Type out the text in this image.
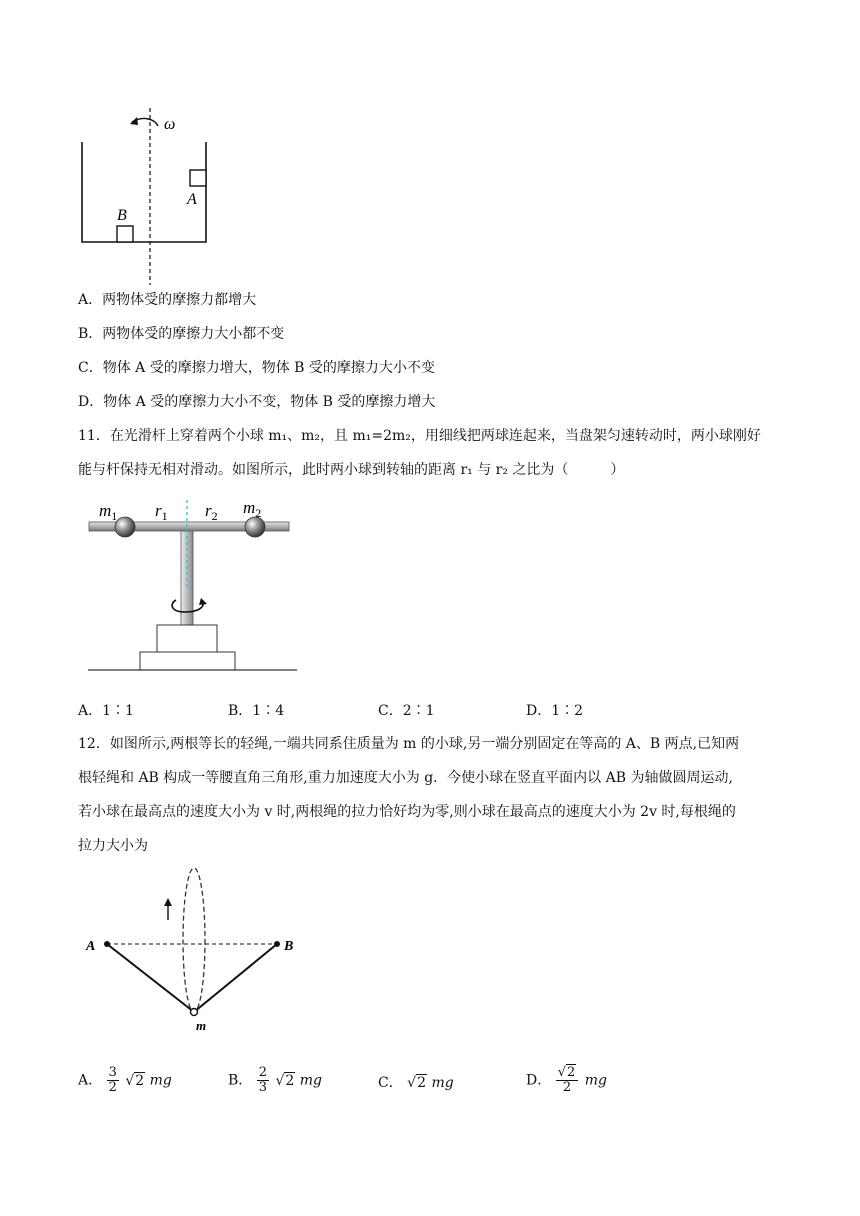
ω
A
B
A．两物体受的摩擦力都增大
B．两物体受的摩擦力大小都不变
C．物体 A 受的摩擦力增大，物体 B 受的摩擦力大小不变
D．物体 A 受的摩擦力大小不变，物体 B 受的摩擦力增大
11．在光滑杆上穿着两个小球 m₁、m₂，且 m₁=2m₂，用细线把两球连起来，当盘架匀速转动时，两小球刚好
能与杆保持无相对滑动。如图所示，此时两小球到转轴的距离 r₁ 与 r₂ 之比为（　　　）
$m_1$ $r_1$ $r_2$ $m_2$
A．1∶1	B．1∶4	C．2∶1	D．1∶2
12．如图所示,两根等长的轻绳,一端共同系住质量为 m 的小球,另一端分别固定在等高的 A、B 两点,已知两
根轻绳和 AB 构成一等腰直角三角形,重力加速度大小为 g．今使小球在竖直平面内以 AB 为轴做圆周运动,
若小球在最高点的速度大小为 v 时,两根绳的拉力恰好均为零,则小球在最高点的速度大小为 2v 时,每根绳的
拉力大小为
A	B
m
A． $\frac{3}{2} √2$ mg	B． $\frac{2}{3} √2$ mg	C． √2 mg	D． $\frac{√2}{2}$ mg
